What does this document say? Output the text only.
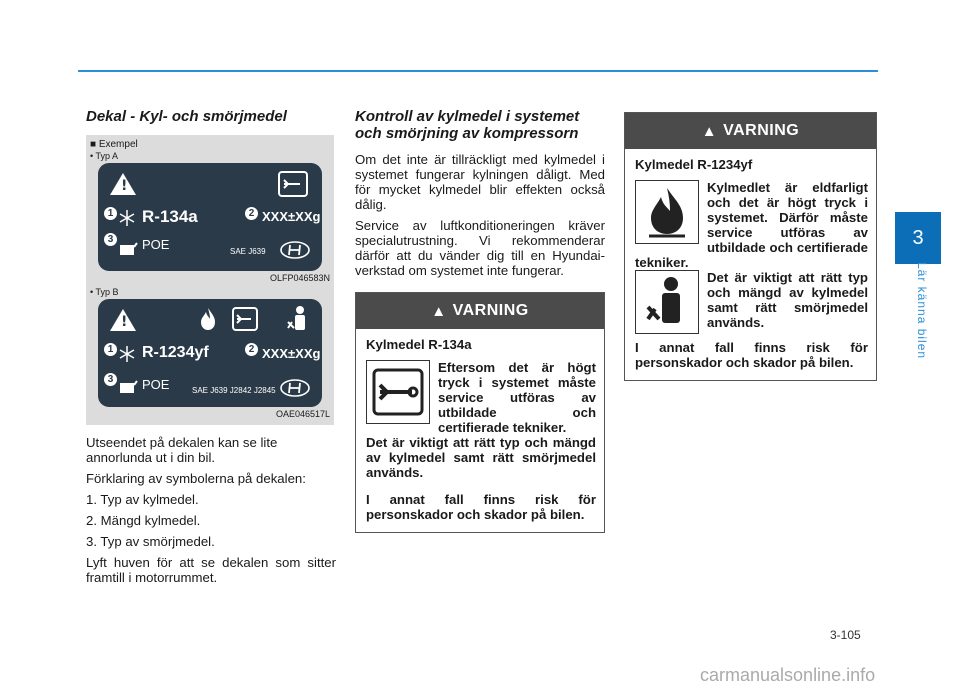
3
Lär känna bilen
Dekal - Kyl- och smörjmedel
■ Exempel
• Typ A
!
1 R-134a	2 XXX±XXg
3 POE	SAE J639
OLFP046583N
• Typ B
!
1 R-1234yf	2 XXX±XXg
3 POE	SAE J639 J2842 J2845
OAE046517L

Utseendet på dekalen kan se lite annorlunda ut i din bil.

Förklaring av symbolerna på dekalen:

1. Typ av kylmedel.

2. Mängd kylmedel.

3. Typ av smörjmedel.

Lyft huven för att se dekalen som sitter framtill i motorrummet.

Kontroll av kylmedel i systemet och smörjning av kompressorn

Om det inte är tillräckligt med kylmedel i systemet fungerar kylningen dåligt. Med för mycket kylmedel blir effekten också dålig.

Service av luftkonditioneringen kräver specialutrustning. Vi rekommenderar därför att du vänder dig till en Hyundai-verkstad om systemet inte fungerar.

▲ VARNING
Kylmedel R-134a
Eftersom det är högt tryck i systemet måste service utföras av utbildade och certifierade tekniker.
Det är viktigt att rätt typ och mängd av kylmedel samt rätt smörjmedel används.
I annat fall finns risk för personskador och skador på bilen.
▲ VARNING
Kylmedel R-1234yf
Kylmedlet är eldfarligt och det är högt tryck i systemet. Därför måste service utföras av utbildade och certifierade tekniker.
Det är viktigt att rätt typ och mängd av kylmedel samt rätt smörjmedel används.
I annat fall finns risk för personskador och skador på bilen.
3-105
carmanualsonline.info
